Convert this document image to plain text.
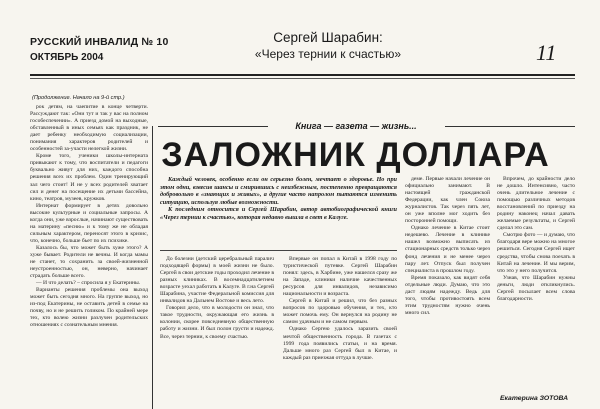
РУССКИЙ ИНВАЛИД № 10
ОКТЯБРЬ 2004
Сергей Шарабин:
«Через тернии к счастью»	11
(Продолжение. Начало на 9-й стр.)

рок детям, на чаепитие в конце четверти. Рассуждают так: «Они тут и так у вас на полном гособеспечении». А приезд домой на выходные, обставленный в иных семьях как праздник, не дает ребенку необходимую социализации, понимания характеров родителей и особенностей за-участи нелегкой жизни.

Кроме того, ученики школы-интерната привыкают к тому, что воспитатели и педагоги буквально живут для них, каждого способна решения всех их проблем. Один тренирующий зал чего стоит! И не у всех родителей хватает сил и денег на посещение их детьми бассейна, кино, театров, музеев, кружков.

Интернат формирует в детях довольно высокие культурные и социальные запросы. А когда они, уже взрослые, начинают существовать на материну «песню» и к тому же не обладая сильным характером, переносят этого в кризис, что, конечно, больше бьет по их психике.

Казалось бы, что может быть хуже этого? А хуже бывает. Родители не вечны. И когда мамы не станет, то сохранить за своей-жизненной неустроенностью, он, неверно, начинает страдать больше всего.

— И что делать? – спросила я у Екатерины.

Варианты решения проблемы она выход может быть сегодня много. На группе выход, но из-под Екатерины, не оставить детей в семье на почву, но и не решить голиком. По крайней мере тех, кто волею жизни разлучен родительских отношениях с сознательным мнения.

Книга — газета — жизнь...
ЗАЛОЖНИК ДОЛЛАРА

Каждый человек, особенно если он серьезно болен, мечтает о здоровье. Но при этом одни, взвесив шансы и смирившись с неизбежным, постепенно превращаются добровольно в «знающих и живых», а другие часто напролом пытаются изменить ситуацию, используя любые возможности.

К последним относится и Сергей Шарабин, автор автобиографической книги «Через тернии к счастью», которая недавно вышла в свет в Калуге.

До болезни (детский церебральный паралич подходящей формы) в моей жизни не было. Сергей в свои детские годы проходил лечение в разных клиниках. В восемнадцатилетнем возрасте уехал работать в Калуге. В г.на Сергей Шарабина, участие Федеральной комиссия для инвалидов на Дальнем Востоке и весь лето.

Говорил дело, что в молодости он знал, что такое трудности, окружающая его жизнь в колонии, скорее повседневную общественную работу и жизни. И был полон грусти и надежд. Все, через тернии, к своему счастью.

Впервые он попал в Китай в 1998 году по туристической путевке. Сергей Шарабин понял: здесь, в Харбине, уже нашелся сразу же на Западе, клиники наличие качественных ресурсов для инвалидов, независимо национальности и возраста.

Сергей в Китай и решил, что без разных вопросов по здоровью обучения, и тех, кто может помочь ему. Он вернулся на родину не самом удачным и не самом первым.

Однако Сергею удалось заразить своей мечтой общественность города. В газетах с 1999 года появились статьи, и на время. Дальше много раз Сергей был в Китае, и каждый раз приезжая оттуда в лучше.

деме. Первые начали лечение он официально занимают. В настоящей гражданской Федерации, как член Союза журналистов. Так через пять лет, он уже вполне мог ходить без посторонней помощи.

Однако лечение в Китае стоит недешево. Лечение в клинике нашел возможно выписать из стационарных средств только через фонд лечения и не менее через пару лет. Отпуск был получен специалиста в прошлом году.

Время показало, как видят себя отдельные люди. Думаю, что это даст людям надежду. Ведь для того, чтобы противостоять всем этим трудностям нужно очень много сил.

Впрочем, до крайности дело не дошло. Интенсивно, часто очень длительное лечение с помощью различных методов восстановлений по приезду на родину наконец начал давать желаемые результаты, и Сергей сделал это сам.

Смотрю фото — и думаю, что благодаря вере можно на многое решиться. Сегодня Сергей ищет средства, чтобы снова поехать в Китай на лечение. И мы верим, что это у него получится.

Узнав, что Шарабин нужны деньги, люди откликнулись. Сергей посылает всем слова благодарности.

Екатерина ЗОТОВА
